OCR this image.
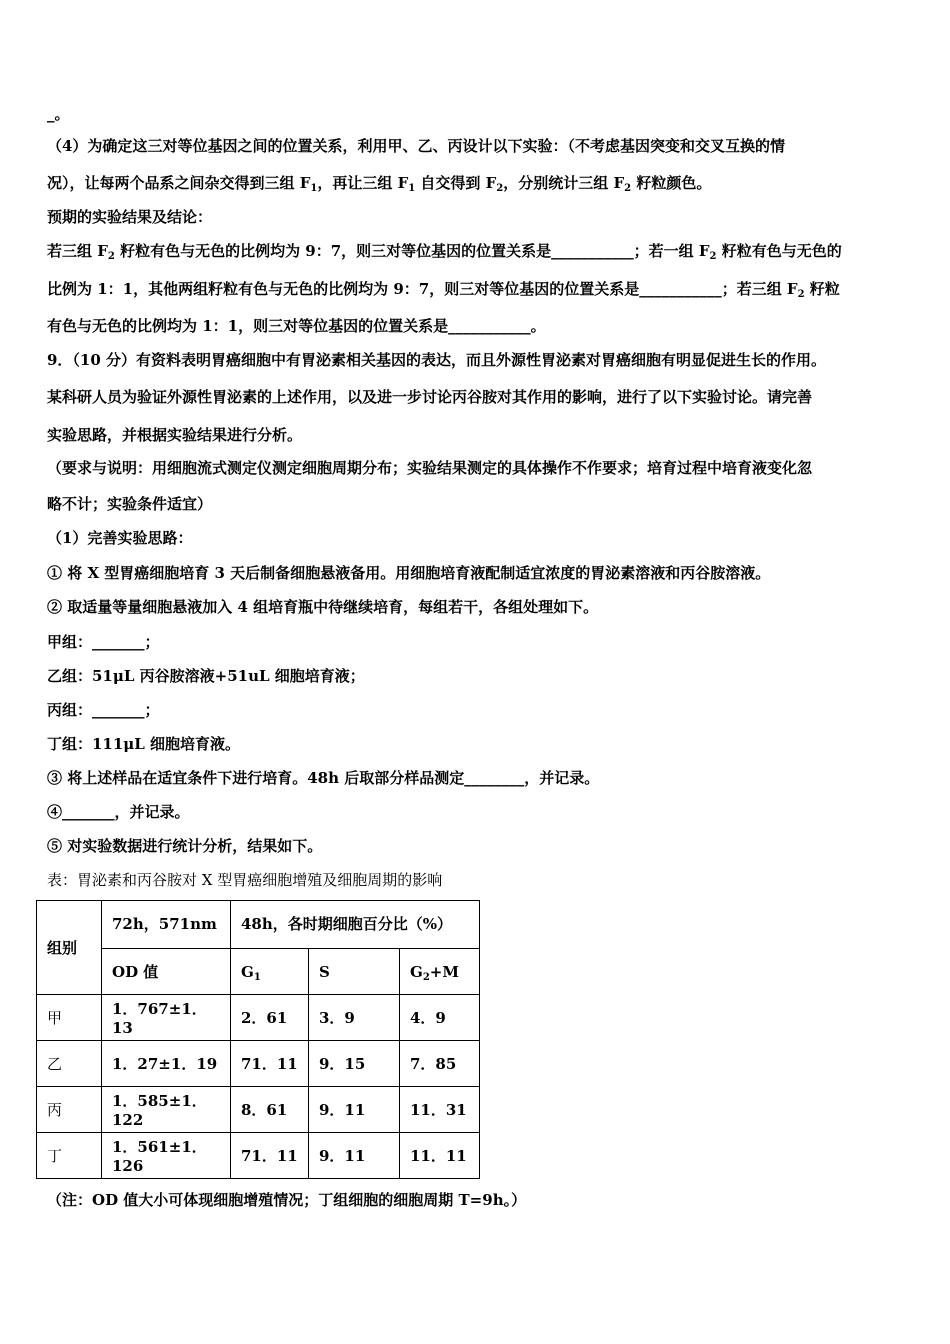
_。
（4）为确定这三对等位基因之间的位置关系，利用甲、乙、丙设计以下实验：（不考虑基因突变和交叉互换的情
况），让每两个品系之间杂交得到三组 $F_1$，再让三组 $F_1$ 自交得到 $F_2$，分别统计三组 $F_2$ 籽粒颜色。
预期的实验结果及结论：
若三组 $F_2$ 籽粒有色与无色的比例均为 9：7，则三对等位基因的位置关系是___________；若一组 $F_2$ 籽粒有色与无色的
比例为 1：1，其他两组籽粒有色与无色的比例均为 9：7，则三对等位基因的位置关系是___________；若三组 $F_2$ 籽粒
有色与无色的比例均为 1：1，则三对等位基因的位置关系是___________。
9．（10 分）有资料表明胃癌细胞中有胃泌素相关基因的表达，而且外源性胃泌素对胃癌细胞有明显促进生长的作用。
某科研人员为验证外源性胃泌素的上述作用，以及进一步讨论丙谷胺对其作用的影响，进行了以下实验讨论。请完善
实验思路，并根据实验结果进行分析。
（要求与说明：用细胞流式测定仪测定细胞周期分布；实验结果测定的具体操作不作要求；培育过程中培育液变化忽
略不计；实验条件适宜）
（1）完善实验思路：
① 将 X 型胃癌细胞培育 3 天后制备细胞悬液备用。用细胞培育液配制适宜浓度的胃泌素溶液和丙谷胺溶液。
② 取适量等量细胞悬液加入 4 组培育瓶中待继续培育，每组若干，各组处理如下。
甲组：_______；
乙组：51μL 丙谷胺溶液+51uL 细胞培育液；
丙组：_______；
丁组：111μL 细胞培育液。
③ 将上述样品在适宜条件下进行培育。48h 后取部分样品测定________，并记录。
④_______，并记录。
⑤ 对实验数据进行统计分析，结果如下。
表：胃泌素和丙谷胺对 X 型胃癌细胞增殖及细胞周期的影响
组别	72h，571nm	48h，各时期细胞百分比（%）		
	OD 值	$G_1$	S	$G_2+M$
甲	1．767±1．13	2．61	3．9	4．9
乙	1．27±1．19	71．11	9．15	7．85
丙	1．585±1．122	8．61	9．11	11．31
丁	1．561±1．126	71．11	9．11	11．11
（注：OD 值大小可体现细胞增殖情况；丁组细胞的细胞周期 T=9h。）
